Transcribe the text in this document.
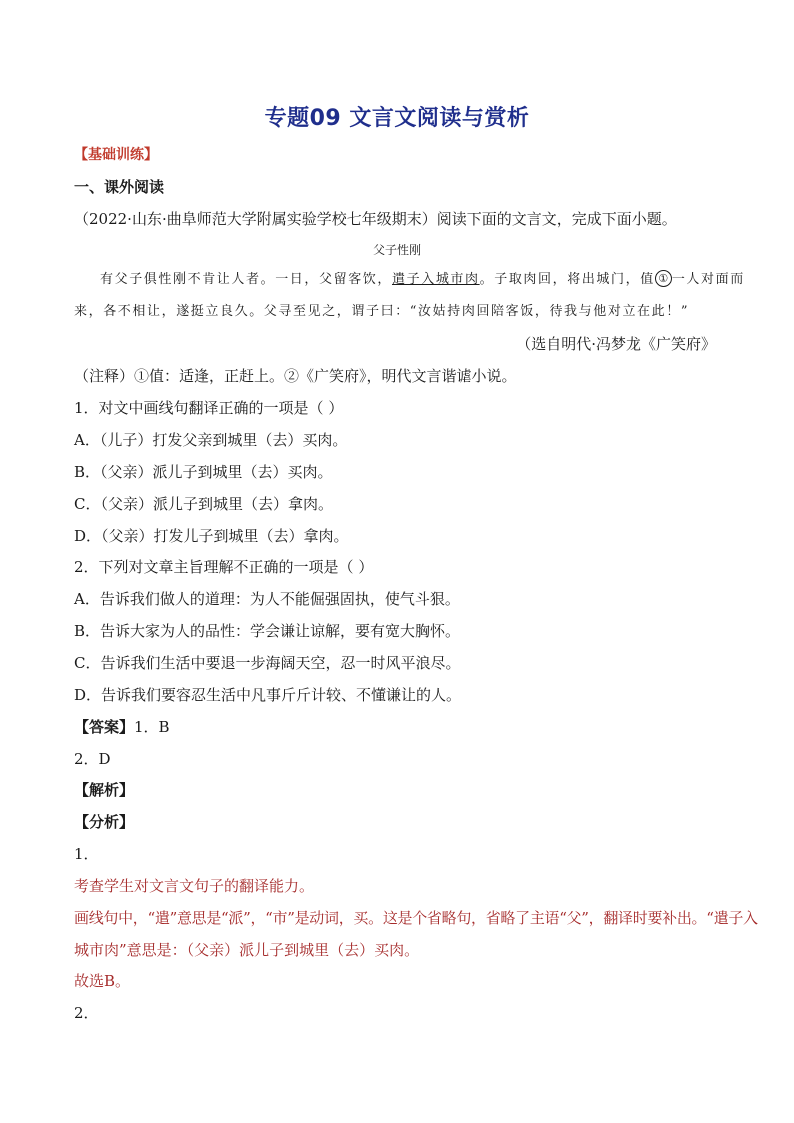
专题09 文言文阅读与赏析
【基础训练】
一、课外阅读
（2022·山东·曲阜师范大学附属实验学校七年级期末）阅读下面的文言文，完成下面小题。
父子性刚
有父子俱性刚不肯让人者。一日，父留客饮，遣子入城市肉。子取肉回，将出城门，值 ① 一人对面而
来，各不相让，遂挺立良久。父寻至见之，谓子曰：“汝姑持肉回陪客饭，待我与他对立在此！”
（选自明代·冯梦龙《广笑府》
（注释）①值：适逢，正赶上。②《广笑府》，明代文言谐谑小说。
1．对文中画线句翻译正确的一项是（ ）
A．（儿子）打发父亲到城里（去）买肉。
B．（父亲）派儿子到城里（去）买肉。
C．（父亲）派儿子到城里（去）拿肉。
D．（父亲）打发儿子到城里（去）拿肉。
2．下列对文章主旨理解不正确的一项是（ ）
A．告诉我们做人的道理：为人不能倔强固执，使气斗狠。
B．告诉大家为人的品性：学会谦让谅解，要有宽大胸怀。
C．告诉我们生活中要退一步海阔天空，忍一时风平浪尽。
D．告诉我们要容忍生活中凡事斤斤计较、不懂谦让的人。
【答案】1．B
2．D
【解析】
【分析】
1．
考查学生对文言文句子的翻译能力。
画线句中，“遣”意思是“派”，“市”是动词，买。这是个省略句，省略了主语“父”，翻译时要补出。“遣子入
城市肉”意思是：（父亲）派儿子到城里（去）买肉。
故选B。
2．
